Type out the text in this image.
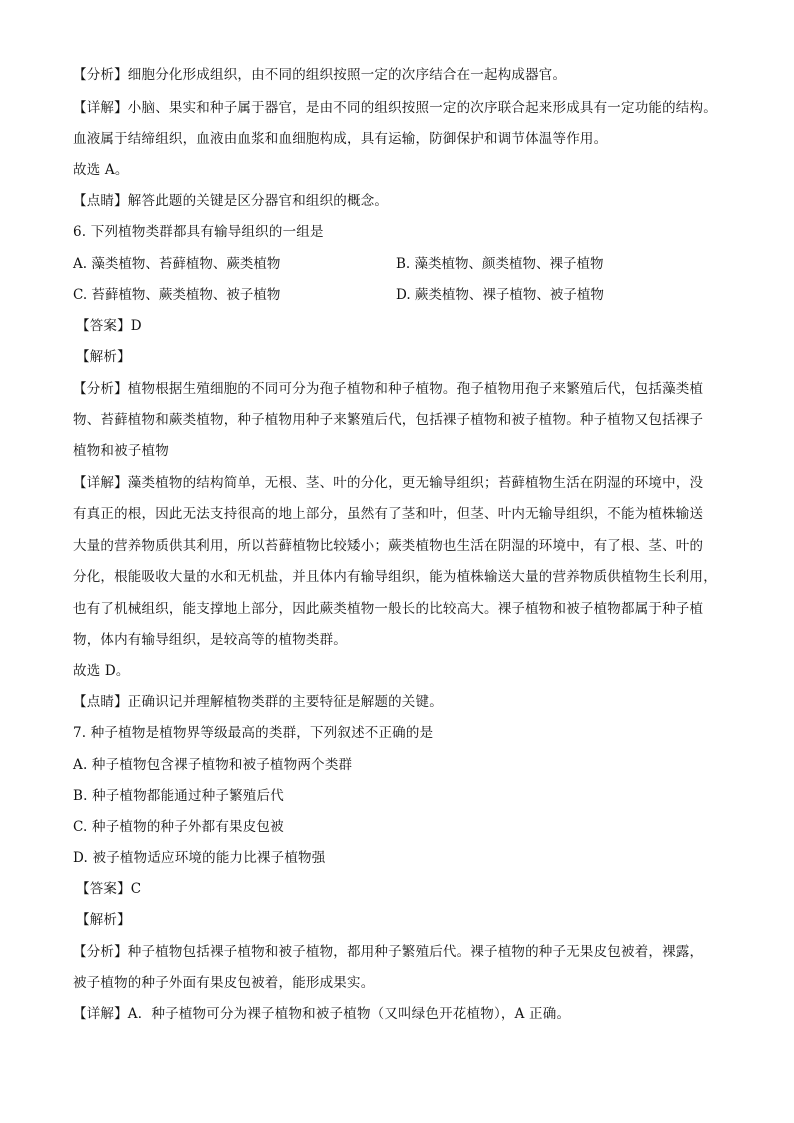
【分析】细胞分化形成组织，由不同的组织按照一定的次序结合在一起构成器官。
【详解】小脑、果实和种子属于器官，是由不同的组织按照一定的次序联合起来形成具有一定功能的结构。
血液属于结缔组织，血液由血浆和血细胞构成，具有运输，防御保护和调节体温等作用。
故选 A。
【点睛】解答此题的关键是区分器官和组织的概念。
6. 下列植物类群都具有输导组织的一组是
A. 藻类植物、苔藓植物、蕨类植物	B. 藻类植物、颜类植物、裸子植物
C. 苔藓植物、蕨类植物、被子植物	D. 蕨类植物、裸子植物、被子植物
【答案】D
【解析】
【分析】植物根据生殖细胞的不同可分为孢子植物和种子植物。孢子植物用孢子来繁殖后代，包括藻类植
物、苔藓植物和蕨类植物，种子植物用种子来繁殖后代，包括裸子植物和被子植物。种子植物又包括裸子
植物和被子植物
【详解】藻类植物的结构简单，无根、茎、叶的分化，更无输导组织；苔藓植物生活在阴湿的环境中，没
有真正的根，因此无法支持很高的地上部分，虽然有了茎和叶，但茎、叶内无输导组织，不能为植株输送
大量的营养物质供其利用，所以苔藓植物比较矮小；蕨类植物也生活在阴湿的环境中，有了根、茎、叶的
分化，根能吸收大量的水和无机盐，并且体内有输导组织，能为植株输送大量的营养物质供植物生长利用，
也有了机械组织，能支撑地上部分，因此蕨类植物一般长的比较高大。裸子植物和被子植物都属于种子植
物，体内有输导组织，是较高等的植物类群。
故选 D。
【点睛】正确识记并理解植物类群的主要特征是解题的关键。
7. 种子植物是植物界等级最高的类群，下列叙述不正确的是
A. 种子植物包含裸子植物和被子植物两个类群
B. 种子植物都能通过种子繁殖后代
C. 种子植物的种子外都有果皮包被
D. 被子植物适应环境的能力比裸子植物强
【答案】C
【解析】
【分析】种子植物包括裸子植物和被子植物，都用种子繁殖后代。裸子植物的种子无果皮包被着，裸露，
被子植物的种子外面有果皮包被着，能形成果实。
【详解】A．种子植物可分为裸子植物和被子植物（又叫绿色开花植物），A 正确。
